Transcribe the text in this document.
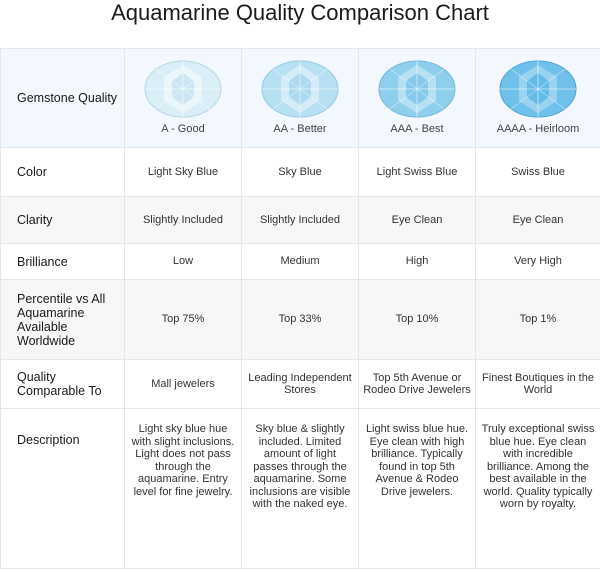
Aquamarine Quality Comparison Chart
Gemstone Quality	A - Good	AA - Better	AAA - Best	AAAA - Heirloom

Color	Light Sky Blue	Sky Blue	Light Swiss Blue	Swiss Blue
Clarity	Slightly Included	Slightly Included	Eye Clean	Eye Clean
Brilliance	Low	Medium	High	Very High
Percentile vs All Aquamarine Available Worldwide	Top 75%	Top 33%	Top 10%	Top 1%
Quality Comparable To	Mall jewelers	Leading Independent Stores	Top 5th Avenue or Rodeo Drive Jewelers	Finest Boutiques in the World
Description	Light sky blue hue with slight inclusions. Light does not pass through the aquamarine. Entry level for fine jewelry.	Sky blue & slightly included. Limited amount of light passes through the aquamarine. Some inclusions are visible with the naked eye.	Light swiss blue hue. Eye clean with high brilliance. Typically found in top 5th Avenue & Rodeo Drive jewelers.	Truly exceptional swiss blue hue. Eye clean with incredible brilliance. Among the best available in the world. Quality typically worn by royalty.
